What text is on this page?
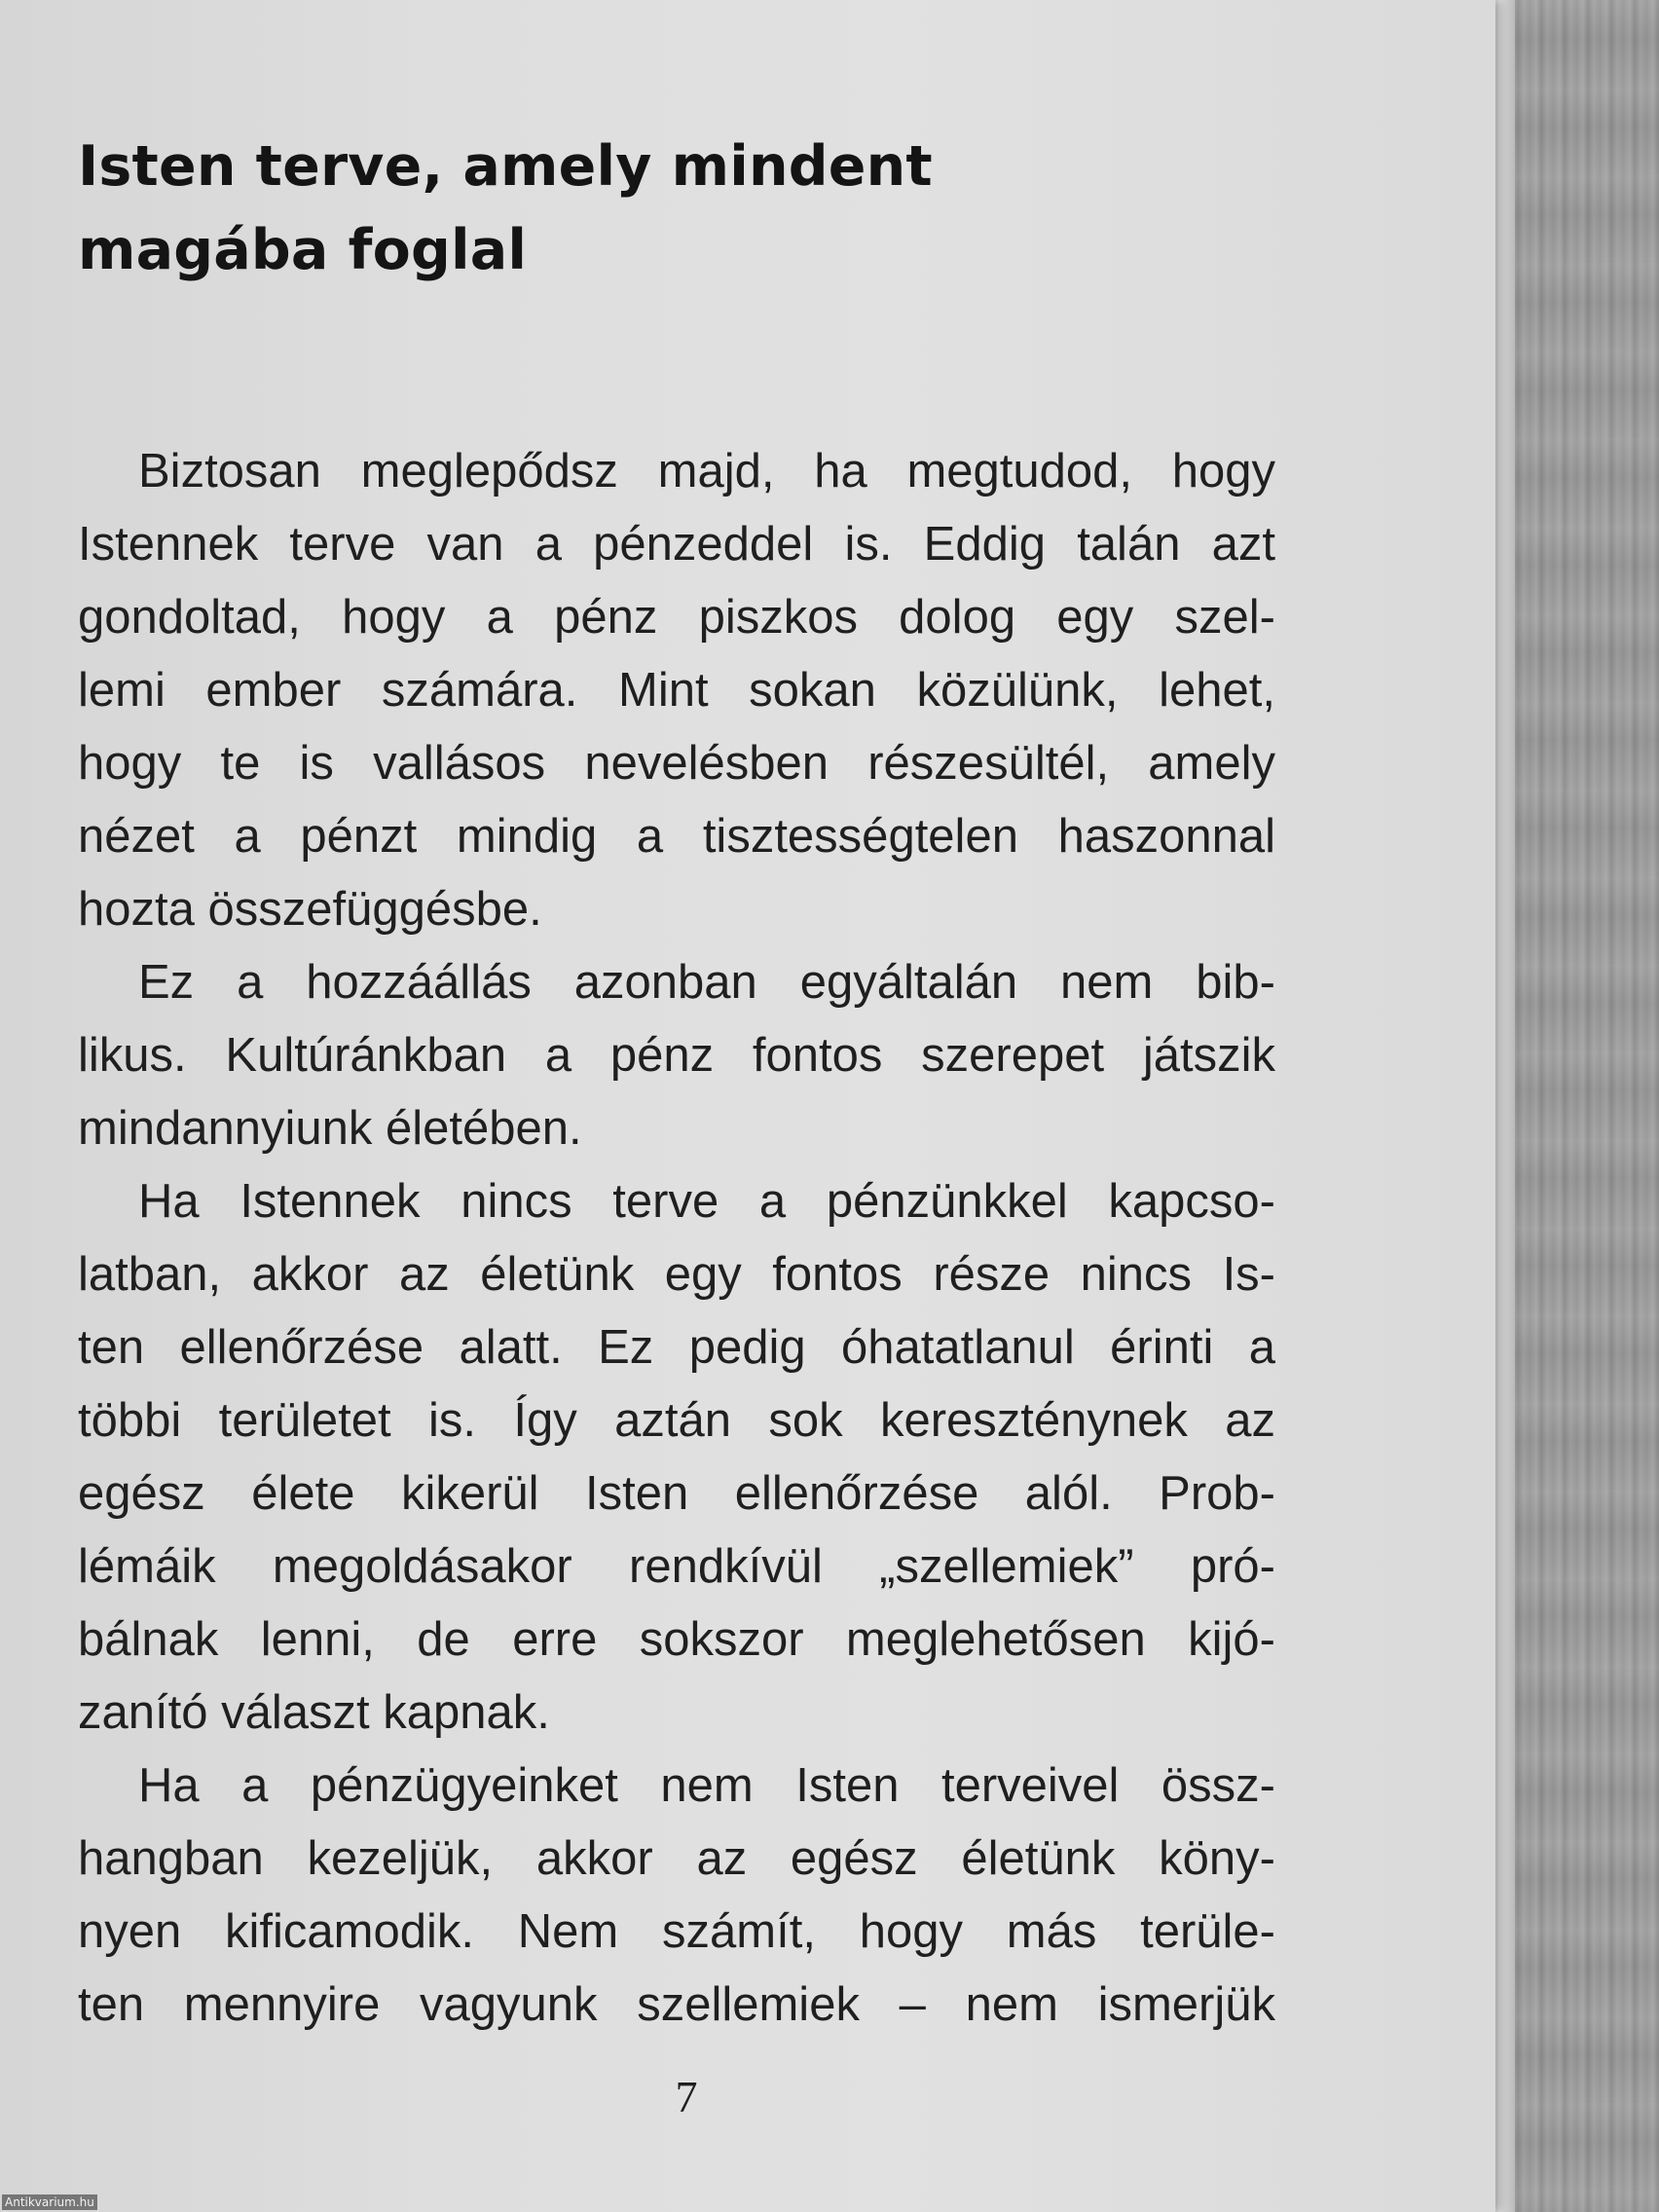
Isten terve, amely mindent
magába foglal
Biztosan meglepődsz majd, ha megtudod, hogy
Istennek terve van a pénzeddel is. Eddig talán azt
gondoltad, hogy a pénz piszkos dolog egy szel-
lemi ember számára. Mint sokan közülünk, lehet,
hogy te is vallásos nevelésben részesültél, amely
nézet a pénzt mindig a tisztességtelen haszonnal
hozta összefüggésbe.
Ez a hozzáállás azonban egyáltalán nem bib-
likus. Kultúránkban a pénz fontos szerepet játszik
mindannyiunk életében.
Ha Istennek nincs terve a pénzünkkel kapcso-
latban, akkor az életünk egy fontos része nincs Is-
ten ellenőrzése alatt. Ez pedig óhatatlanul érinti a
többi területet is. Így aztán sok kereszténynek az
egész élete kikerül Isten ellenőrzése alól. Prob-
lémáik megoldásakor rendkívül „szellemiek” pró-
bálnak lenni, de erre sokszor meglehetősen kijó-
zanító választ kapnak.
Ha a pénzügyeinket nem Isten terveivel össz-
hangban kezeljük, akkor az egész életünk köny-
nyen kificamodik. Nem számít, hogy más terüle-
ten mennyire vagyunk szellemiek – nem ismerjük
7
Antikvarium.hu
